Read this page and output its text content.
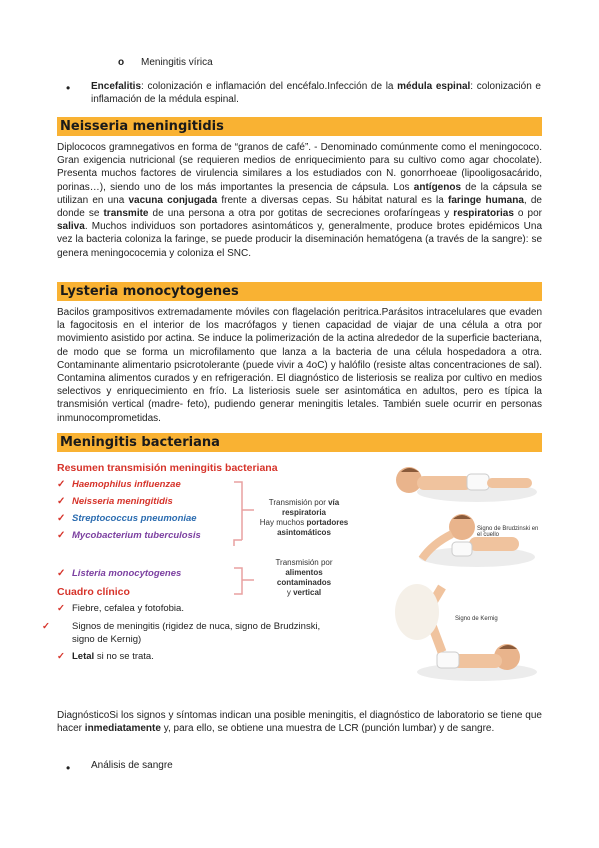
o Meningitis vírica
• Encefalitis: colonización e inflamación del encéfalo.Infección de la médula espinal: colonización e inflamación de la médula espinal.
Neisseria meningitidis
Diplococos gramnegativos en forma de “granos de café”. - Denominado comúnmente como el meningococo. Gran exigencia nutricional (se requieren medios de enriquecimiento para su cultivo como agar chocolate). Presenta muchos factores de virulencia similares a los estudiados con N. gonorrhoeae (lipooligosacárido, porinas…), siendo uno de los más importantes la presencia de cápsula. Los antígenos de la cápsula se utilizan en una vacuna conjugada frente a diversas cepas. Su hábitat natural es la faringe humana, de donde se transmite de una persona a otra por gotitas de secreciones orofaríngeas y respiratorias o por saliva. Muchos individuos son portadores asintomáticos y, generalmente, produce brotes epidémicos Una vez la bacteria coloniza la faringe, se puede producir la diseminación hematógena (a través de la sangre): se genera meningococemia y coloniza el SNC.
Lysteria monocytogenes
Bacilos grampositivos extremadamente móviles con flagelación peritrica.Parásitos intracelulares que evaden la fagocitosis en el interior de los macrófagos y tienen capacidad de viajar de una célula a otra por movimiento asistido por actina. Se induce la polimerización de la actina alrededor de la superficie bacteriana, de modo que se forma un microfilamento que lanza a la bacteria de una célula hospedadora a otra. Contaminante alimentario psicrotolerante (puede vivir a 4oC) y halófilo (resiste altas concentraciones de sal). Contamina alimentos curados y en refrigeración. El diagnóstico de listeriosis se realiza por cultivo en medios selectivos y enriquecimiento en frío. La listeriosis suele ser asintomática en adultos, pero es típica la transmisión vertical (madre- feto), pudiendo generar meningitis letales. También suele ocurrir en personas inmunocomprometidas.
Meningitis bacteriana
Resumen transmisión meningitis bacteriana
✓ Haemophilus influenzae
✓ Neisseria meningitidis
✓ Streptococcus pneumoniae
✓ Mycobacterium tuberculosis
✓ Listeria monocytogenes
Transmisión por vía respiratoria
Hay muchos portadores asintomáticos
Transmisión por alimentos contaminados
y vertical
Cuadro clínico
✓ Fiebre, cefalea y fotofobia.
✓ Signos de meningitis (rigidez de nuca, signo de Brudzinski, signo de Kernig)
✓ Letal si no se trata.
Signo de Brudzinski en el cuello
Signo de Kernig
DiagnósticoSi los signos y síntomas indican una posible meningitis, el diagnóstico de laboratorio se tiene que hacer inmediatamente y, para ello, se obtiene una muestra de LCR (punción lumbar) y de sangre.
• Análisis de sangre
